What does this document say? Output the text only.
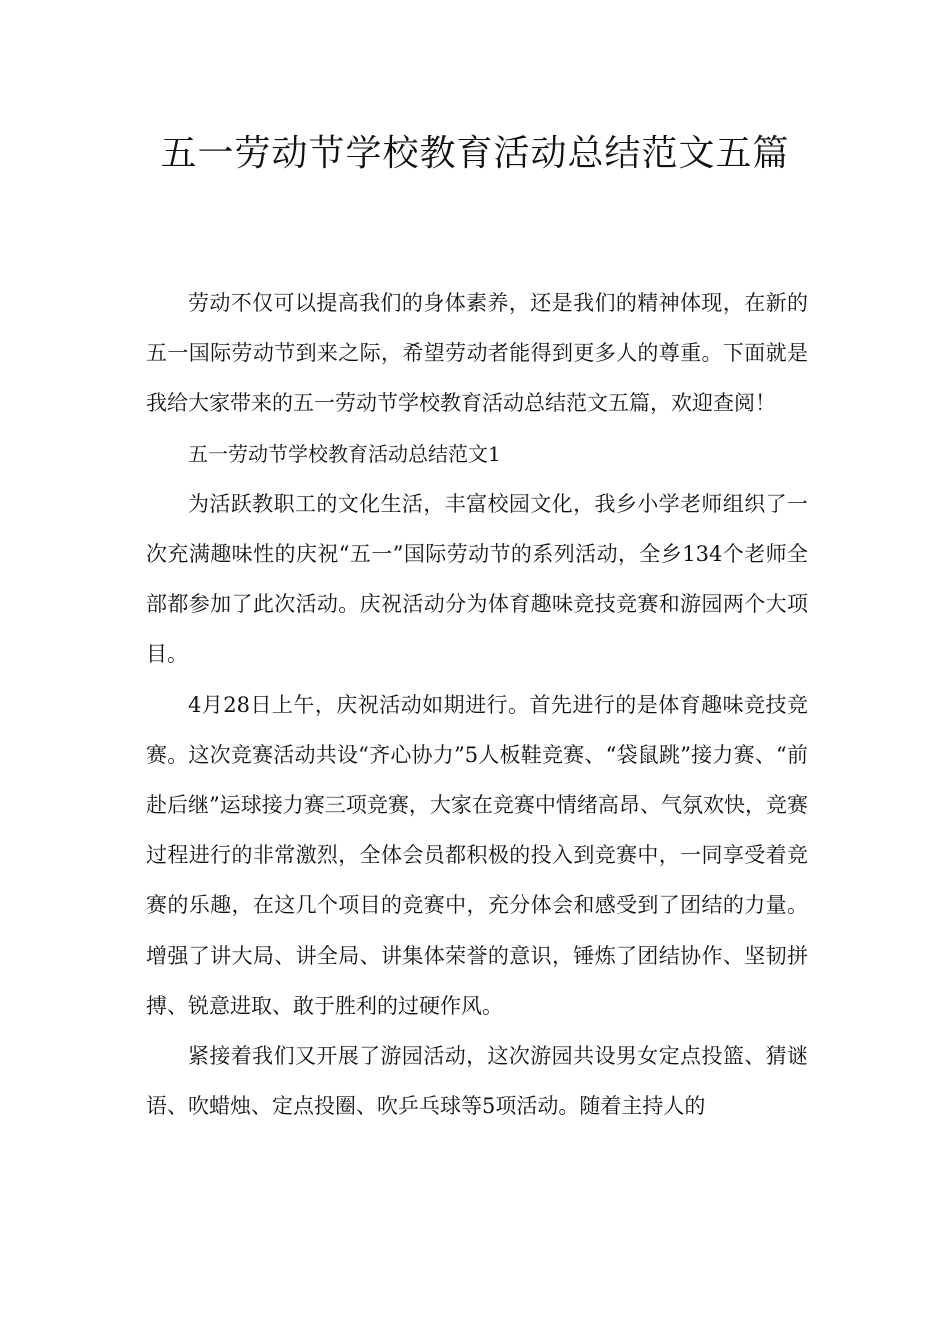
五一劳动节学校教育活动总结范文五篇

劳动不仅可以提高我们的身体素养，还是我们的精神体现，在新的五一国际劳动节到来之际，希望劳动者能得到更多人的尊重。下面就是我给大家带来的五一劳动节学校教育活动总结范文五篇，欢迎查阅！

五一劳动节学校教育活动总结范文1

为活跃教职工的文化生活，丰富校园文化，我乡小学老师组织了一次充满趣味性的庆祝“五一”国际劳动节的系列活动，全乡134个老师全部都参加了此次活动。庆祝活动分为体育趣味竞技竞赛和游园两个大项目。

4月28日上午，庆祝活动如期进行。首先进行的是体育趣味竞技竞赛。这次竞赛活动共设“齐心协力”5人板鞋竞赛、“袋鼠跳”接力赛、“前赴后继”运球接力赛三项竞赛，大家在竞赛中情绪高昂、气氛欢快，竞赛过程进行的非常激烈，全体会员都积极的投入到竞赛中，一同享受着竞赛的乐趣，在这几个项目的竞赛中，充分体会和感受到了团结的力量。增强了讲大局、讲全局、讲集体荣誉的意识，锤炼了团结协作、坚韧拼搏、锐意进取、敢于胜利的过硬作风。

紧接着我们又开展了游园活动，这次游园共设男女定点投篮、猜谜语、吹蜡烛、定点投圈、吹乒乓球等5项活动。随着主持人的
